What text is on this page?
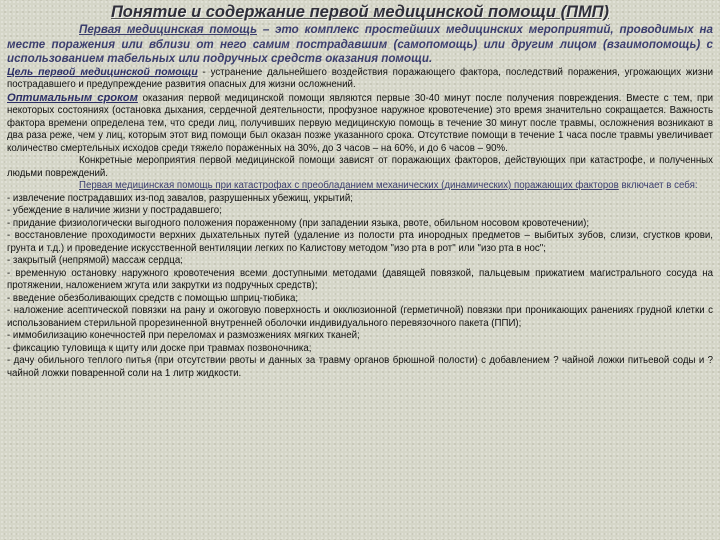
Понятие и содержание первой медицинской помощи (ПМП)

Первая медицинская помощь – это комплекс простейших медицинских мероприятий, проводимых на месте поражения или вблизи от него самим пострадавшим (самопомощь) или другим лицом (взаимопомощь) с использованием табельных или подручных средств оказания помощи.

Цель первой медицинской помощи - устранение дальнейшего воздействия поражающего фактора, последствий поражения, угрожающих жизни пострадавшего и предупреждение развития опасных для жизни осложнений.

Оптимальным сроком оказания первой медицинской помощи являются первые 30-40 минут после получения повреждения. Вместе с тем, при некоторых состояниях (остановка дыхания, сердечной деятельности, профузное наружное кровотечение) это время значительно сокращается. Важность фактора времени определена тем, что среди лиц, получивших первую медицинскую помощь в течение 30 минут после травмы, осложнения возникают в два раза реже, чем у лиц, которым этот вид помощи был оказан позже указанного срока. Отсутствие помощи в течение 1 часа после травмы увеличивает количество смертельных исходов среди тяжело пораженных на 30%, до 3 часов – на 60%, и до 6 часов – 90%.

Конкретные мероприятия первой медицинской помощи зависят от поражающих факторов, действующих при катастрофе, и полученных людьми повреждений.

Первая медицинская помощь при катастрофах с преобладанием механических (динамических) поражающих факторов включает в себя:

- извлечение пострадавших из-под завалов, разрушенных убежищ, укрытий;
- убеждение в наличие жизни у пострадавшего;
- придание физиологически выгодного положения пораженному (при западении языка, рвоте, обильном носовом кровотечении);
- восстановление проходимости верхних дыхательных путей (удаление из полости рта инородных предметов – выбитых зубов, слизи, сгустков крови, грунта и т.д.) и проведение искусственной вентиляции легких по Калистову методом "изо рта в рот" или "изо рта в нос";
- закрытый (непрямой) массаж сердца;
- временную остановку наружного кровотечения всеми доступными методами (давящей повязкой, пальцевым прижатием магистрального сосуда на протяжении, наложением жгута или закрутки из подручных средств);
- введение обезболивающих средств с помощью шприц-тюбика;
- наложение асептической повязки на рану и ожоговую поверхность и окклюзионной (герметичной) повязки при проникающих ранениях грудной клетки с использованием стерильной прорезиненной внутренней оболочки индивидуального перевязочного пакета (ППИ);
- иммобилизацию конечностей при переломах и размозжениях мягких тканей;
- фиксацию туловища к щиту или доске при травмах позвоночника;
- дачу обильного теплого питья (при отсутствии рвоты и данных за травму органов брюшной полости) с добавлением ? чайной ложки питьевой соды и ? чайной ложки поваренной соли на 1 литр жидкости.
